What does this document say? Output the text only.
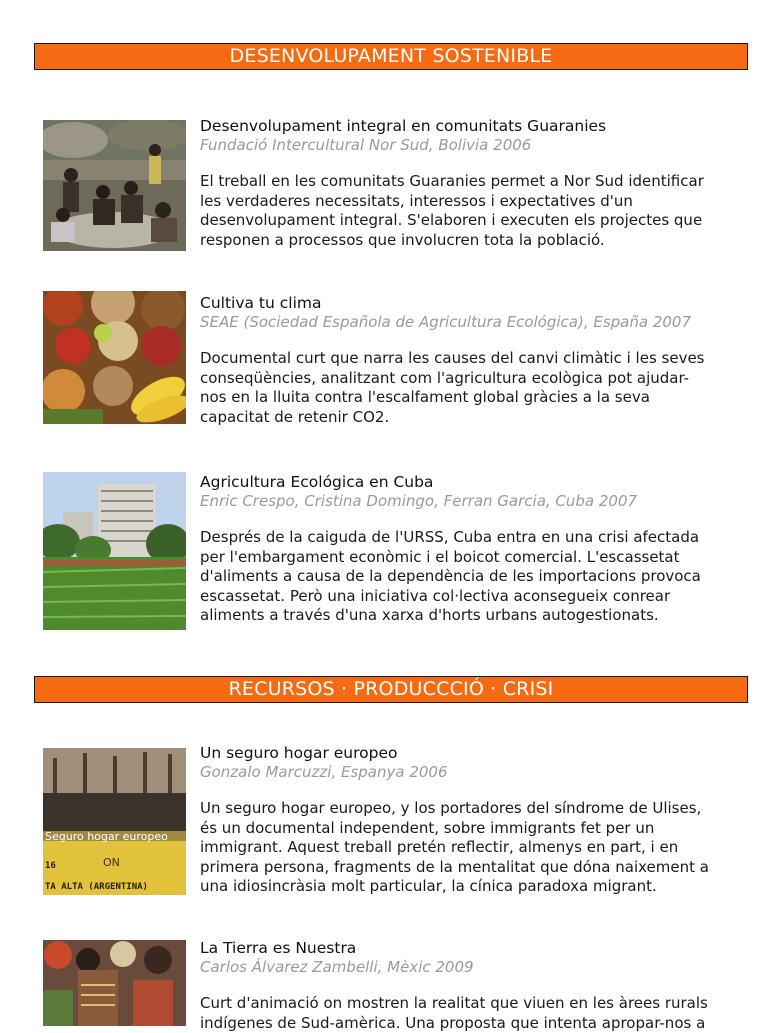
DESENVOLUPAMENT SOSTENIBLE
Desenvolupament integral en comunitats Guaranies
Fundació Intercultural Nor Sud, Bolivia 2006
El treball en les comunitats Guaranies permet a Nor Sud identificar
les verdaderes necessitats, interessos i expectatives d'un
desenvolupament integral. S'elaboren i executen els projectes que
responen a processos que involucren tota la població.
Cultiva tu clima
SEAE (Sociedad Española de Agricultura Ecológica), España 2007
Documental curt que narra les causes del canvi climàtic i les seves
conseqüències, analitzant com l'agricultura ecològica pot ajudar-
nos en la lluita contra l'escalfament global gràcies a la seva
capacitat de retenir CO2.
Agricultura Ecológica en Cuba
Enric Crespo, Cristina Domingo, Ferran Garcia, Cuba 2007
Després de la caiguda de l'URSS, Cuba entra en una crisi afectada
per l'embargament econòmic i el boicot comercial. L'escassetat
d'aliments a causa de la dependència de les importacions provoca
escassetat. Però una iniciativa col·lectiva aconsegueix conrear
aliments a través d'una xarxa d'horts urbans autogestionats.
RECURSOS · PRODUCCCIÓ · CRISI
Seguro hogar europeo
ON
16
TA ALTA (ARGENTINA)
Un seguro hogar europeo
Gonzalo Marcuzzi, Espanya 2006
Un seguro hogar europeo, y los portadores del síndrome de Ulises,
és un documental independent, sobre immigrants fet per un
immigrant. Aquest treball pretén reflectir, almenys en part, i en
primera persona, fragments de la mentalitat que dóna naixement a
una idiosincràsia molt particular, la cínica paradoxa migrant.
La Tierra es Nuestra
Carlos Álvarez Zambelli, Mèxic 2009
Curt d'animació on mostren la realitat que viuen en les àrees rurals
indígenes de Sud-amèrica. Una proposta que intenta apropar-nos a
